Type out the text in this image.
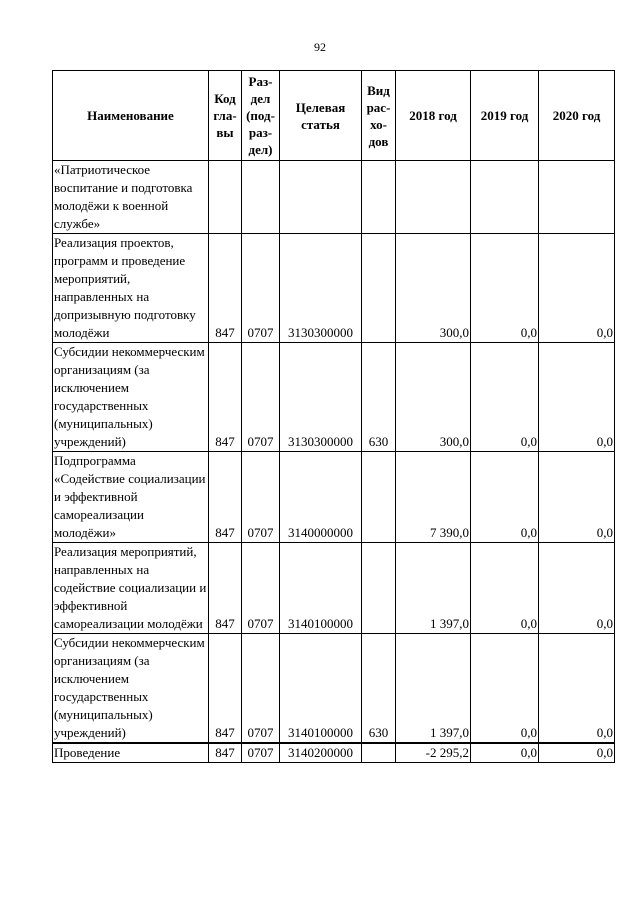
92
Наименование	Код гла- вы	Раз- дел (под- раз- дел)	Целевая статья	Вид рас- хо- дов	2018 год	2019 год	2020 год
«Патриотическое воспитание и подготовка молодёжи к военной службе»							
Реализация проектов, программ и проведение мероприятий, направленных на допризывную подготовку молодёжи	847	0707	3130300000		300,0	0,0	0,0
Субсидии некоммерческим организациям (за исключением государственных (муниципальных) учреждений)	847	0707	3130300000	630	300,0	0,0	0,0
Подпрограмма «Содействие социализации и эффективной самореализации молодёжи»	847	0707	3140000000		7 390,0	0,0	0,0
Реализация мероприятий, направленных на содействие социализации и эффективной самореализации молодёжи	847	0707	3140100000		1 397,0	0,0	0,0
Субсидии некоммерческим организациям (за исключением государственных (муниципальных) учреждений)	847	0707	3140100000	630	1 397,0	0,0	0,0
Проведение	847	0707	3140200000		-2 295,2	0,0	0,0
